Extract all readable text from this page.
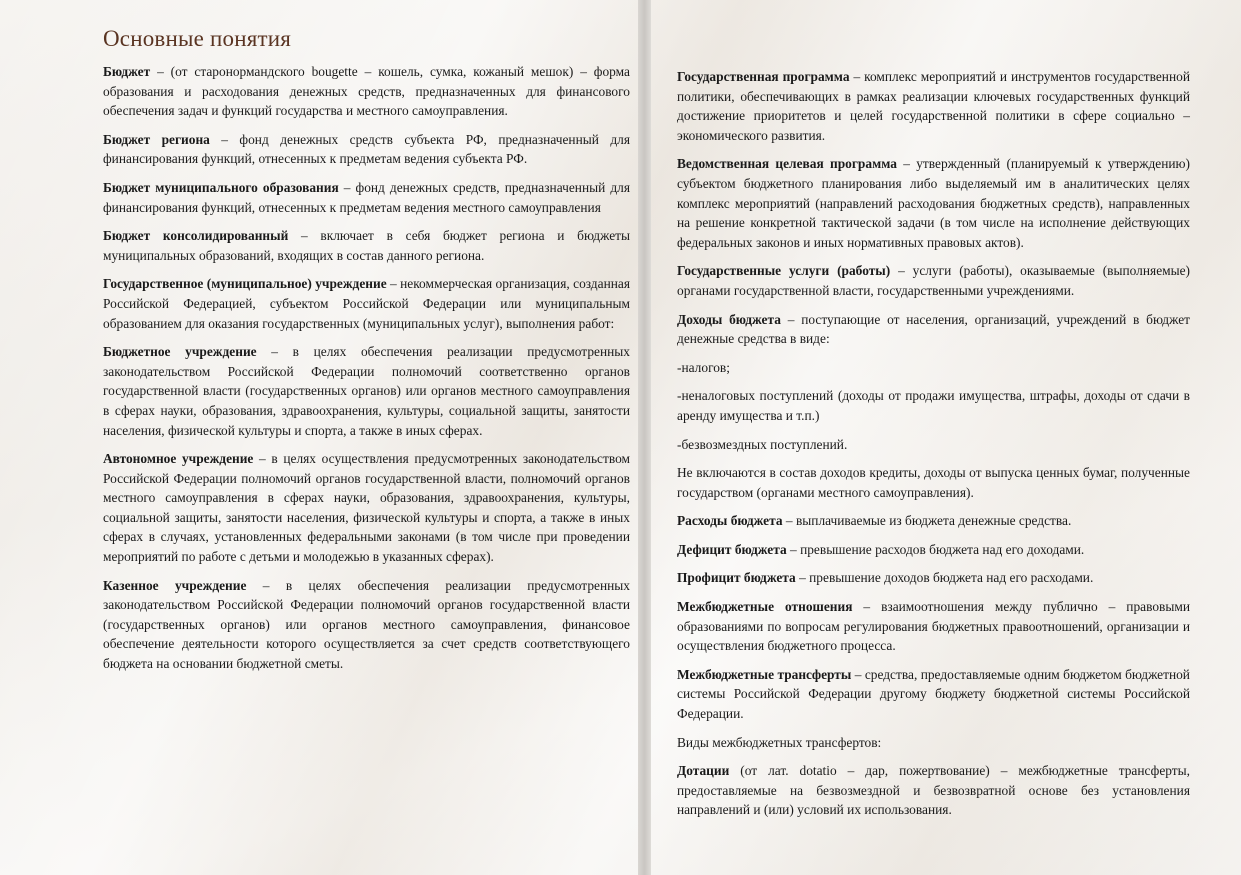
Основные понятия

Бюджет – (от старонормандского bougette – кошель, сумка, кожаный мешок) – форма образования и расходования денежных средств, предназначенных для финансового обеспечения задач и функций государства и местного самоуправления.

Бюджет региона – фонд денежных средств субъекта РФ, предназначенный для финансирования функций, отнесенных к предметам ведения субъекта РФ.

Бюджет муниципального образования – фонд денежных средств, предназначенный для финансирования функций, отнесенных к предметам ведения местного самоуправления

Бюджет консолидированный – включает в себя бюджет региона и бюджеты муниципальных образований, входящих в состав данного региона.

Государственное (муниципальное) учреждение – некоммерческая организация, созданная Российской Федерацией, субъектом Российской Федерации или муниципальным образованием для оказания государственных (муниципальных услуг), выполнения работ:

Бюджетное учреждение – в целях обеспечения реализации предусмотренных законодательством Российской Федерации полномочий соответственно органов государственной власти (государственных органов) или органов местного самоуправления в сферах науки, образования, здравоохранения, культуры, социальной защиты, занятости населения, физической культуры и спорта, а также в иных сферах.

Автономное учреждение – в целях осуществления предусмотренных законодательством Российской Федерации полномочий органов государственной власти, полномочий органов местного самоуправления в сферах науки, образования, здравоохранения, культуры, социальной защиты, занятости населения, физической культуры и спорта, а также в иных сферах в случаях, установленных федеральными законами (в том числе при проведении мероприятий по работе с детьми и молодежью в указанных сферах).

Казенное учреждение – в целях обеспечения реализации предусмотренных законодательством Российской Федерации полномочий органов государственной власти (государственных органов) или органов местного самоуправления, финансовое обеспечение деятельности которого осуществляется за счет средств соответствующего бюджета на основании бюджетной сметы.

Государственная программа – комплекс мероприятий и инструментов государственной политики, обеспечивающих в рамках реализации ключевых государственных функций достижение приоритетов и целей государственной политики в сфере социально – экономического развития.

Ведомственная целевая программа – утвержденный (планируемый к утверждению) субъектом бюджетного планирования либо выделяемый им в аналитических целях комплекс мероприятий (направлений расходования бюджетных средств), направленных на решение конкретной тактической задачи (в том числе на исполнение действующих федеральных законов и иных нормативных правовых актов).

Государственные услуги (работы) – услуги (работы), оказываемые (выполняемые) органами государственной власти, государственными учреждениями.

Доходы бюджета – поступающие от населения, организаций, учреждений в бюджет денежные средства в виде:

-налогов;

-неналоговых поступлений (доходы от продажи имущества, штрафы, доходы от сдачи в аренду имущества и т.п.)

-безвозмездных поступлений.

Не включаются в состав доходов кредиты, доходы от выпуска ценных бумаг, полученные государством (органами местного самоуправления).

Расходы бюджета – выплачиваемые из бюджета денежные средства.

Дефицит бюджета – превышение расходов бюджета над его доходами.

Профицит бюджета – превышение доходов бюджета над его расходами.

Межбюджетные отношения – взаимоотношения между публично – правовыми образованиями по вопросам регулирования бюджетных правоотношений, организации и осуществления бюджетного процесса.

Межбюджетные трансферты – средства, предоставляемые одним бюджетом бюджетной системы Российской Федерации другому бюджету бюджетной системы Российской Федерации.

Виды межбюджетных трансфертов:

Дотации (от лат. dotatio – дар, пожертвование) – межбюджетные трансферты, предоставляемые на безвозмездной и безвозвратной основе без установления направлений и (или) условий их использования.
